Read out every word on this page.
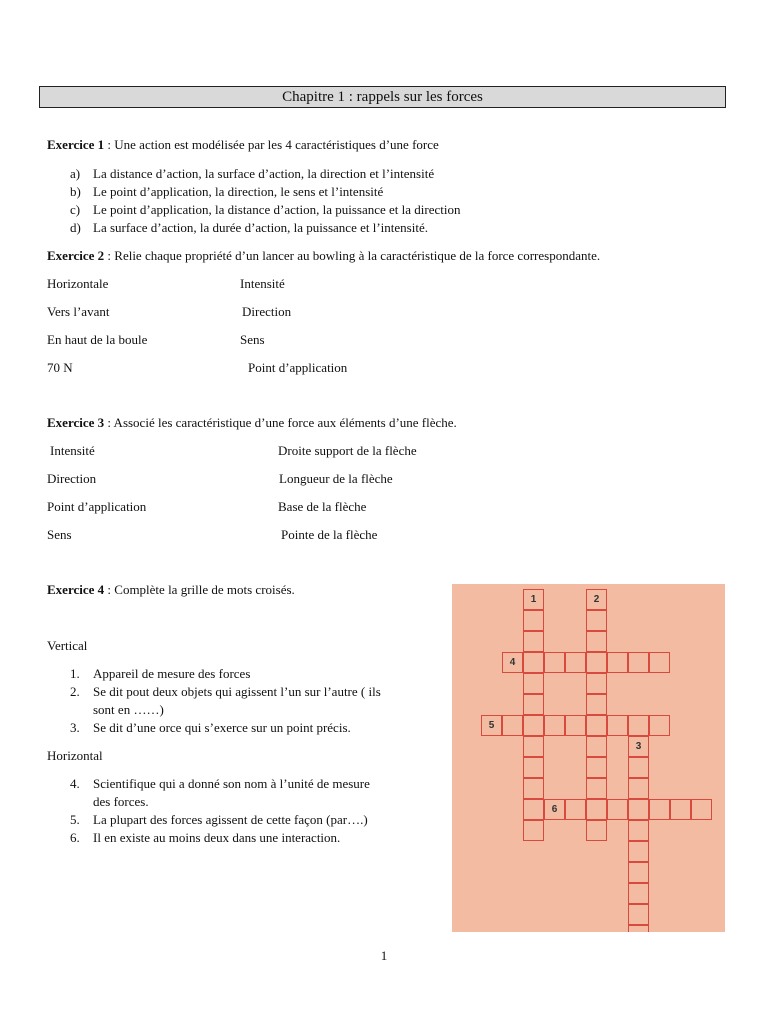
Chapitre 1 : rappels sur les forces
Exercice 1 : Une action est modélisée par les 4 caractéristiques d’une force
a) La distance d’action, la surface d’action, la direction et l’intensité
b) Le point d’application, la direction, le sens et l’intensité
c) Le point d’application, la distance d’action, la puissance et la direction
d) La surface d’action, la durée d’action, la puissance et l’intensité.
Exercice 2 : Relie chaque propriété d’un lancer au bowling à la caractéristique de la force correspondante.
Horizontale
Vers l’avant
En haut de la boule
70 N
Intensité
Direction
Sens
Point d’application
Exercice 3 : Associé les caractéristique d’une force aux éléments d’une flèche.
Intensité
Direction
Point d’application
Sens
Droite support de la flèche
Longueur de la flèche
Base de la flèche
Pointe de la flèche
Exercice 4 : Complète la grille de mots croisés.
Vertical
1. Appareil de mesure des forces
2. Se dit pout deux objets qui agissent l’un sur l’autre ( ils
sont en ……)
3. Se dit d’une orce qui s’exerce sur un point précis.
Horizontal
4. Scientifique qui a donné son nom à l’unité de mesure
des forces.
5. La plupart des forces agissent de cette façon (par….)
6. Il en existe au moins deux dans une interaction.
1	2
3
4
5
6
1
